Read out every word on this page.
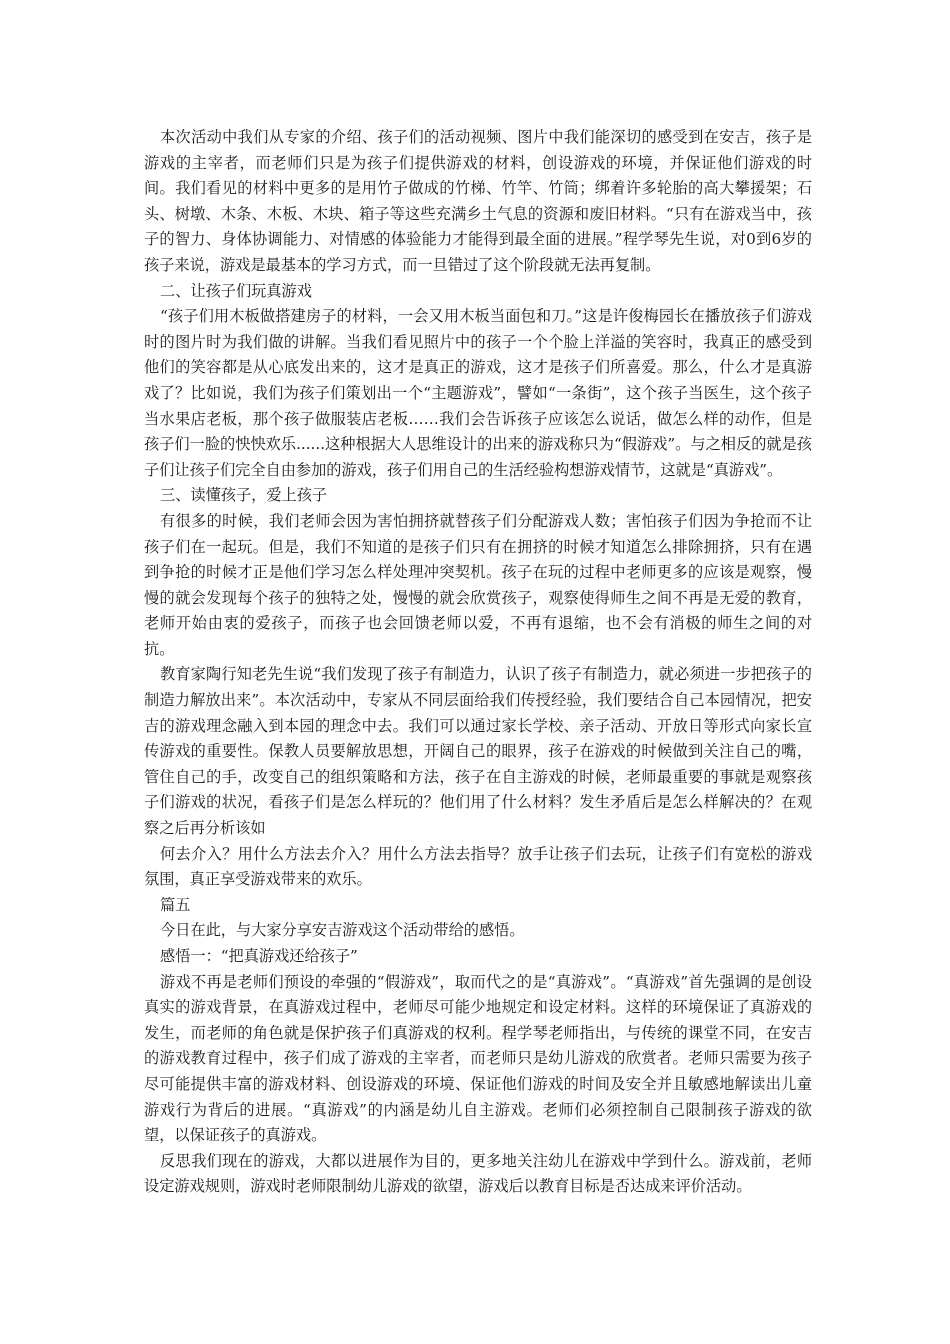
本次活动中我们从专家的介绍、孩子们的活动视频、图片中我们能深切的感受到在安吉，孩子是游戏的主宰者，而老师们只是为孩子们提供游戏的材料，创设游戏的环境，并保证他们游戏的时间。我们看见的材料中更多的是用竹子做成的竹梯、竹竿、竹筒；绑着许多轮胎的高大攀援架；石头、树墩、木条、木板、木块、箱子等这些充满乡土气息的资源和废旧材料。“只有在游戏当中，孩子的智力、身体协调能力、对情感的体验能力才能得到最全面的进展。”程学琴先生说，对0到6岁的孩子来说，游戏是最基本的学习方式，而一旦错过了这个阶段就无法再复制。

二、让孩子们玩真游戏

“孩子们用木板做搭建房子的材料，一会又用木板当面包和刀。”这是许俊梅园长在播放孩子们游戏时的图片时为我们做的讲解。当我们看见照片中的孩子一个个脸上洋溢的笑容时，我真正的感受到他们的笑容都是从心底发出来的，这才是真正的游戏，这才是孩子们所喜爱。那么，什么才是真游戏了？比如说，我们为孩子们策划出一个“主题游戏”，譬如“一条街”，这个孩子当医生，这个孩子当水果店老板，那个孩子做服装店老板……我们会告诉孩子应该怎么说话，做怎么样的动作，但是孩子们一脸的怏怏欢乐......这种根据大人思维设计的出来的游戏称只为“假游戏”。与之相反的就是孩子们让孩子们完全自由参加的游戏，孩子们用自己的生活经验构想游戏情节，这就是“真游戏”。

三、读懂孩子，爱上孩子

有很多的时候，我们老师会因为害怕拥挤就替孩子们分配游戏人数；害怕孩子们因为争抢而不让孩子们在一起玩。但是，我们不知道的是孩子们只有在拥挤的时候才知道怎么排除拥挤，只有在遇到争抢的时候才正是他们学习怎么样处理冲突契机。孩子在玩的过程中老师更多的应该是观察，慢慢的就会发现每个孩子的独特之处，慢慢的就会欣赏孩子，观察使得师生之间不再是无爱的教育，老师开始由衷的爱孩子，而孩子也会回馈老师以爱，不再有退缩，也不会有消极的师生之间的对抗。

教育家陶行知老先生说“我们发现了孩子有制造力，认识了孩子有制造力，就必须进一步把孩子的制造力解放出来”。本次活动中，专家从不同层面给我们传授经验，我们要结合自己本园情况，把安吉的游戏理念融入到本园的理念中去。我们可以通过家长学校、亲子活动、开放日等形式向家长宣传游戏的重要性。保教人员要解放思想，开阔自己的眼界，孩子在游戏的时候做到关注自己的嘴，管住自己的手，改变自己的组织策略和方法，孩子在自主游戏的时候，老师最重要的事就是观察孩子们游戏的状况，看孩子们是怎么样玩的？他们用了什么材料？发生矛盾后是怎么样解决的？在观察之后再分析该如

何去介入？用什么方法去介入？用什么方法去指导？放手让孩子们去玩，让孩子们有宽松的游戏氛围，真正享受游戏带来的欢乐。

篇五

今日在此，与大家分享安吉游戏这个活动带给的感悟。

感悟一：“把真游戏还给孩子”

游戏不再是老师们预设的牵强的“假游戏”，取而代之的是“真游戏”。“真游戏”首先强调的是创设真实的游戏背景，在真游戏过程中，老师尽可能少地规定和设定材料。这样的环境保证了真游戏的发生，而老师的角色就是保护孩子们真游戏的权利。程学琴老师指出，与传统的课堂不同，在安吉的游戏教育过程中，孩子们成了游戏的主宰者，而老师只是幼儿游戏的欣赏者。老师只需要为孩子尽可能提供丰富的游戏材料、创设游戏的环境、保证他们游戏的时间及安全并且敏感地解读出儿童游戏行为背后的进展。“真游戏”的内涵是幼儿自主游戏。老师们必须控制自己限制孩子游戏的欲望，以保证孩子的真游戏。

反思我们现在的游戏，大都以进展作为目的，更多地关注幼儿在游戏中学到什么。游戏前，老师设定游戏规则，游戏时老师限制幼儿游戏的欲望，游戏后以教育目标是否达成来评价活动。
